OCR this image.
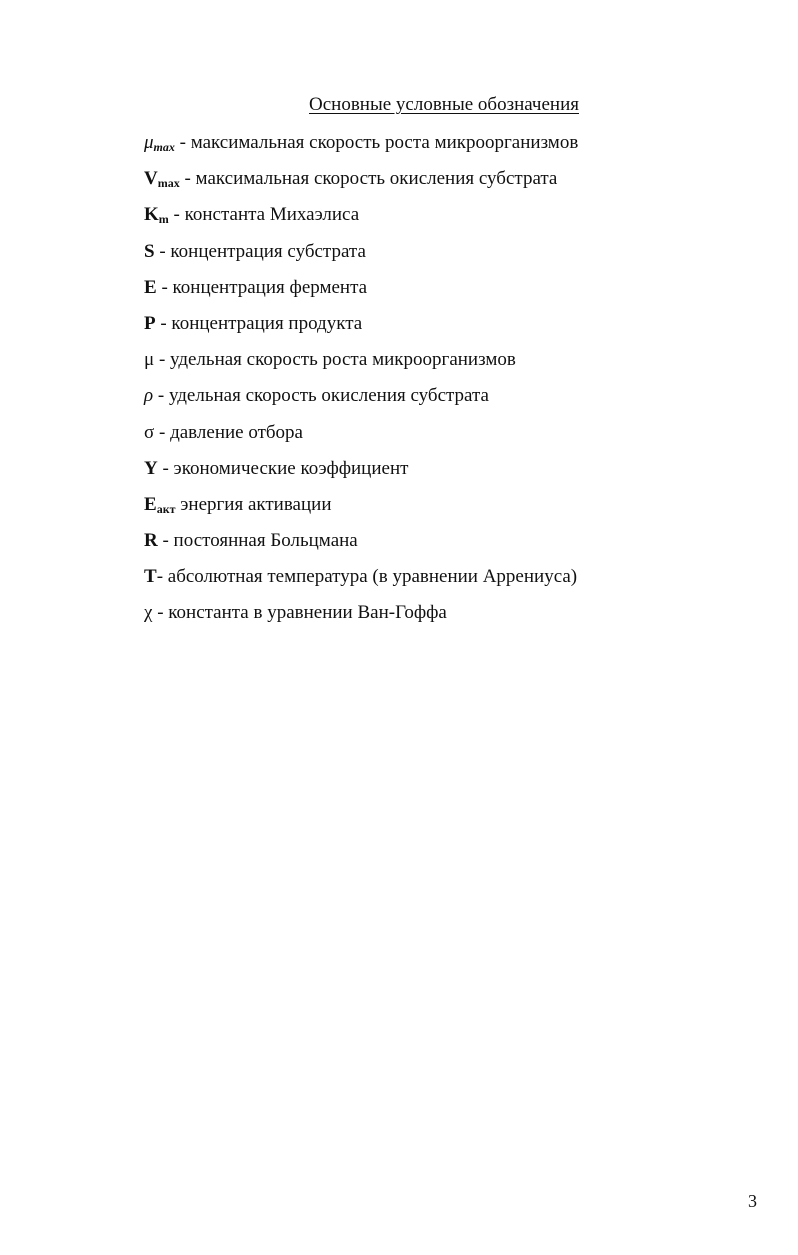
Основные условные обозначения
$\mu_{max}$ - максимальная скорость роста микроорганизмов
$V_{max}$ - максимальная скорость окисления субстрата
$K_m$ - константа Михаэлиса
S - концентрация субстрата
E - концентрация фермента
P - концентрация продукта
μ - удельная скорость роста микроорганизмов
ρ - удельная скорость окисления субстрата
σ - давление отбора
Y - экономические коэффициент
$E_{акт}$ энергия активации
R - постоянная Больцмана
T- абсолютная температура (в уравнении Аррениуса)
χ - константа в уравнении Ван-Гоффа
3
